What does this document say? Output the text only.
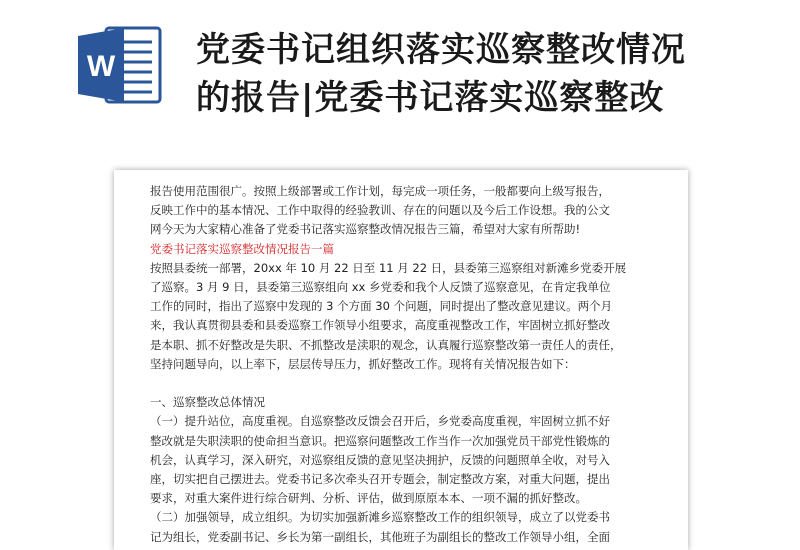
W 党委书记组织落实巡察整改情况
的报告|党委书记落实巡察整改

报告使用范围很广。按照上级部署或工作计划，每完成一项任务，一般都要向上级写报告，

反映工作中的基本情况、工作中取得的经验教训、存在的问题以及今后工作设想。我的公文

网今天为大家精心准备了党委书记落实巡察整改情况报告三篇，希望对大家有所帮助!

党委书记落实巡察整改情况报告一篇

按照县委统一部署，20xx 年 10 月 22 日至 11 月 22 日，县委第三巡察组对新滩乡党委开展

了巡察。3 月 9 日，县委第三巡察组向 xx 乡党委和我个人反馈了巡察意见，在肯定我单位

工作的同时，指出了巡察中发现的 3 个方面 30 个问题，同时提出了整改意见建议。两个月

来，我认真贯彻县委和县委巡察工作领导小组要求，高度重视整改工作，牢固树立抓好整改

是本职、抓不好整改是失职、不抓整改是渎职的观念，认真履行巡察整改第一责任人的责任，

坚持问题导向，以上率下，层层传导压力，抓好整改工作。现将有关情况报告如下：

一、巡察整改总体情况

（一）提升站位，高度重视。自巡察整改反馈会召开后，乡党委高度重视，牢固树立抓不好

整改就是失职渎职的使命担当意识。把巡察问题整改工作当作一次加强党员干部党性锻炼的

机会，认真学习，深入研究，对巡察组反馈的意见坚决拥护，反馈的问题照单全收，对号入

座，切实把自己摆进去。党委书记多次牵头召开专题会，制定整改方案，对重大问题，提出

要求，对重大案件进行综合研判、分析、评估，做到原原本本、一项不漏的抓好整改。

（二）加强领导，成立组织。为切实加强新滩乡巡察整改工作的组织领导，成立了以党委书

记为组长，党委副书记、乡长为第一副组长，其他班子为副组长的整改工作领导小组，全面
